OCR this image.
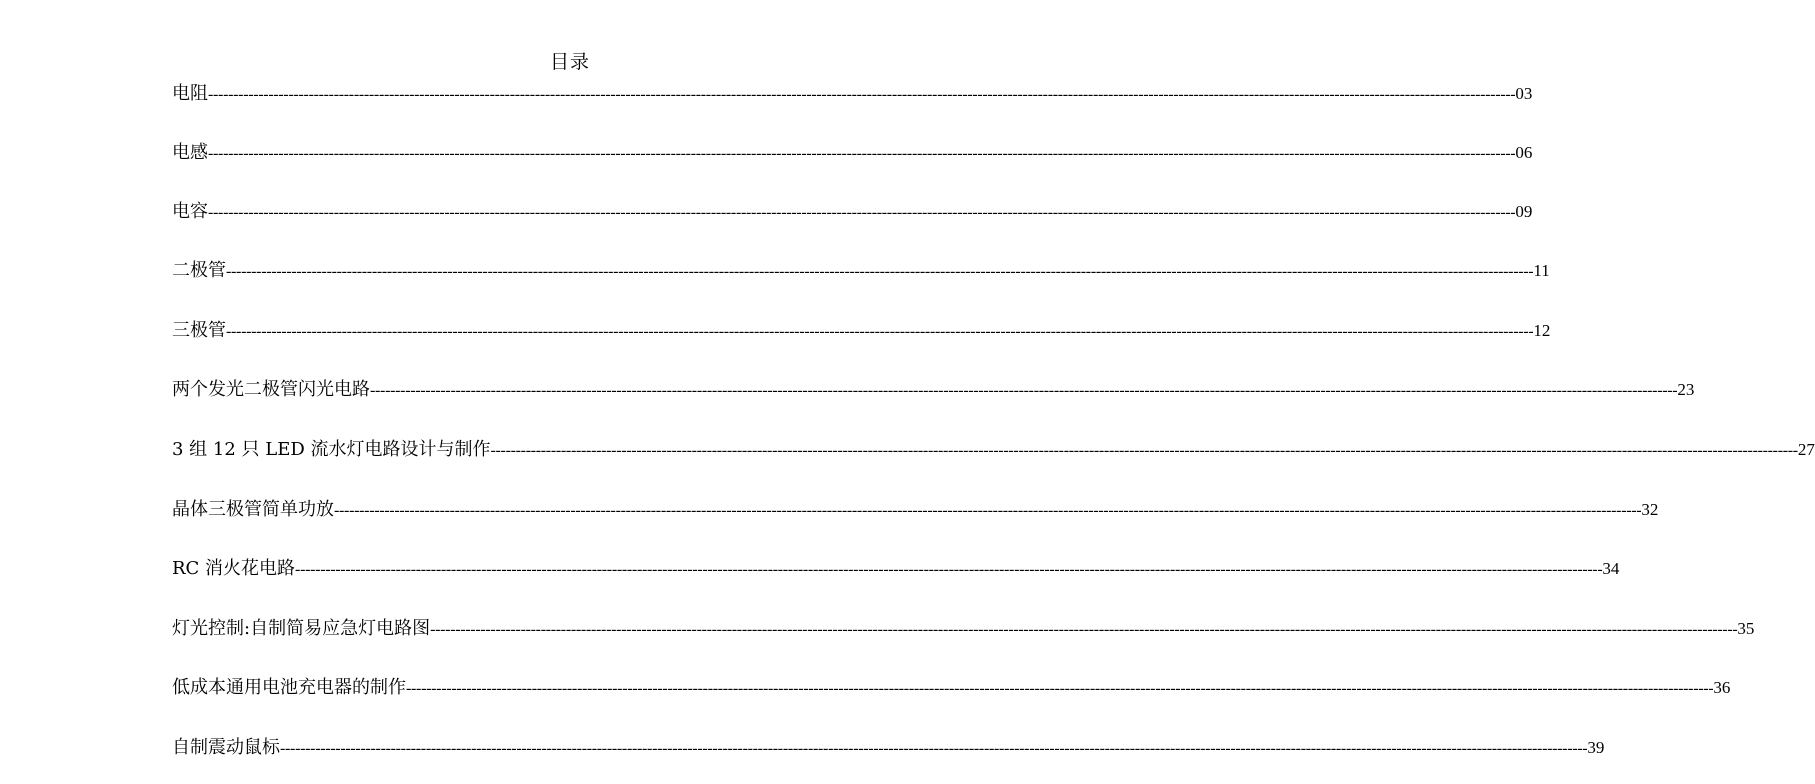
目录
电阻 -------------------------------------------------------------------------------------------------------------------------------------------------------------------------------------------------------------------------------------------------------------------- 03
电感 -------------------------------------------------------------------------------------------------------------------------------------------------------------------------------------------------------------------------------------------------------------------- 06
电容 -------------------------------------------------------------------------------------------------------------------------------------------------------------------------------------------------------------------------------------------------------------------- 09
二极管 -------------------------------------------------------------------------------------------------------------------------------------------------------------------------------------------------------------------------------------------------------------------- 11
三极管 -------------------------------------------------------------------------------------------------------------------------------------------------------------------------------------------------------------------------------------------------------------------- 12
两个发光二极管闪光电路 -------------------------------------------------------------------------------------------------------------------------------------------------------------------------------------------------------------------------------------------------------------------- 23
3 组 12 只 LED 流水灯电路设计与制作 -------------------------------------------------------------------------------------------------------------------------------------------------------------------------------------------------------------------------------------------------------------------- 27
晶体三极管简单功放 -------------------------------------------------------------------------------------------------------------------------------------------------------------------------------------------------------------------------------------------------------------------- 32
RC 消火花电路 -------------------------------------------------------------------------------------------------------------------------------------------------------------------------------------------------------------------------------------------------------------------- 34
灯光控制:自制简易应急灯电路图 -------------------------------------------------------------------------------------------------------------------------------------------------------------------------------------------------------------------------------------------------------------------- 35
低成本通用电池充电器的制作 -------------------------------------------------------------------------------------------------------------------------------------------------------------------------------------------------------------------------------------------------------------------- 36
自制震动鼠标 -------------------------------------------------------------------------------------------------------------------------------------------------------------------------------------------------------------------------------------------------------------------- 39
